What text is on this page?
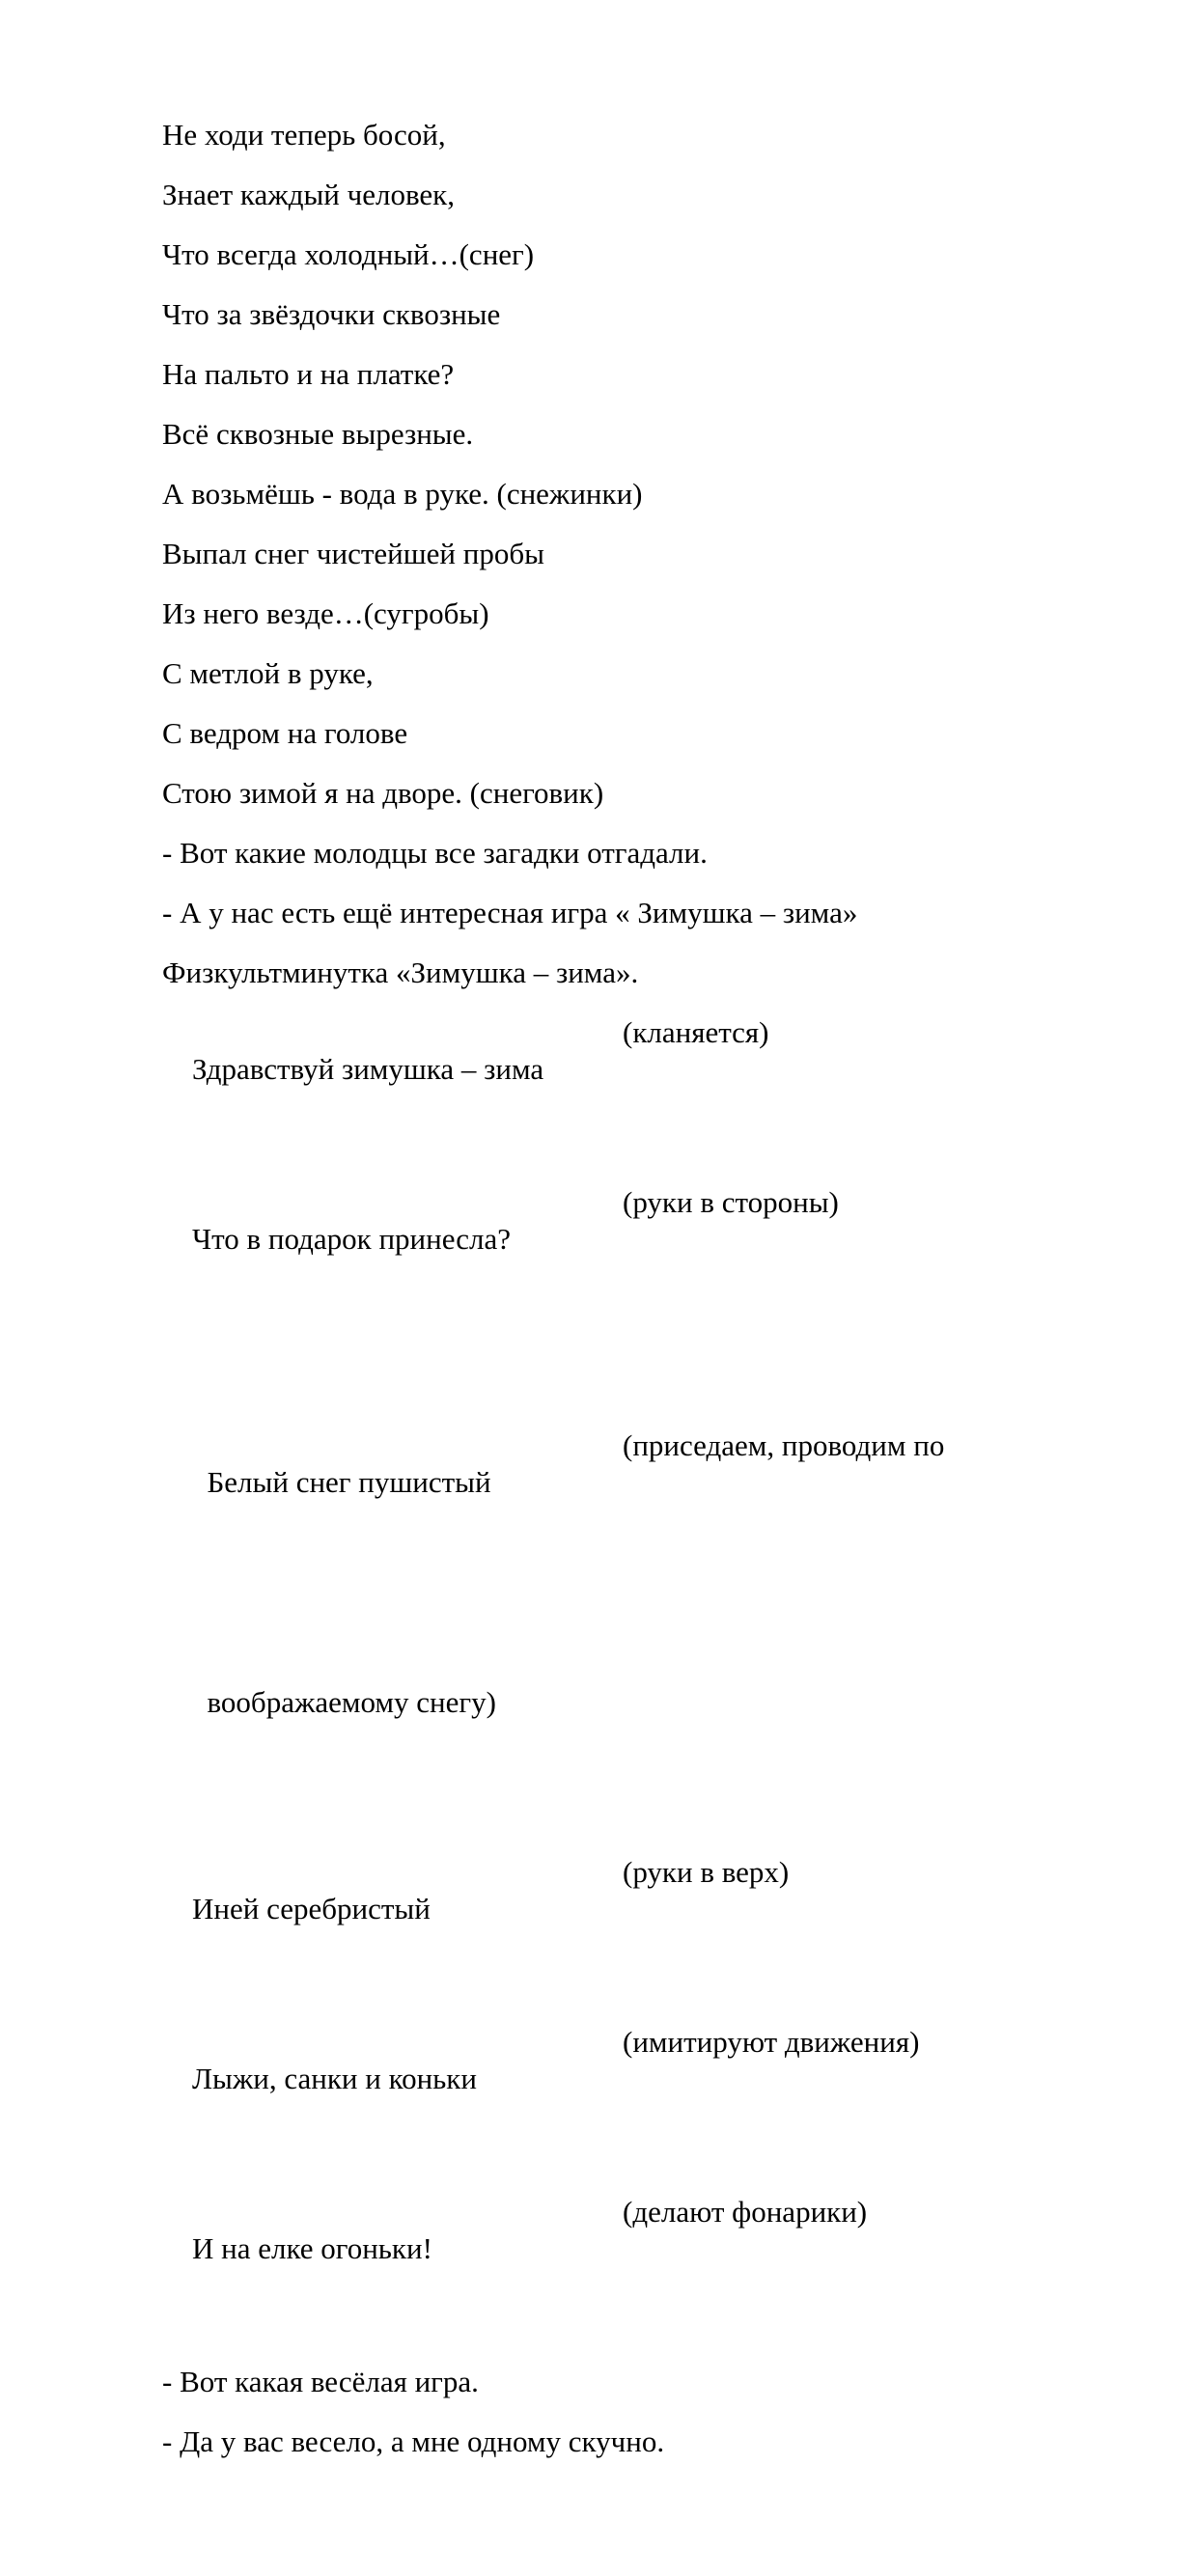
Не ходи теперь босой,
Знает каждый человек,
Что всегда холодный…(снег)
Что за звёздочки сквозные
На пальто и на платке?
Всё сквозные вырезные.
А возьмёшь - вода в руке. (снежинки)
Выпал снег чистейшей пробы
Из него везде…(сугробы)
С метлой в руке,
С ведром на голове
Стою зимой я на дворе. (снеговик)
- Вот какие молодцы все загадки отгадали.
- А у нас есть ещё интересная игра « Зимушка – зима»
Физкультминутка «Зимушка – зима».

Здравствуй зимушка – зима

(кланяется)

Что в подарок принесла?

(руки в стороны)

Белый снег пушистый

(приседаем, проводим по

воображаемому снегу)

Иней серебристый

(руки в верх)

Лыжи, санки и коньки

(имитируют движения)

И на елке огоньки!

(делают фонарики)

- Вот какая весёлая игра.
- Да у вас весело, а мне одному скучно.
